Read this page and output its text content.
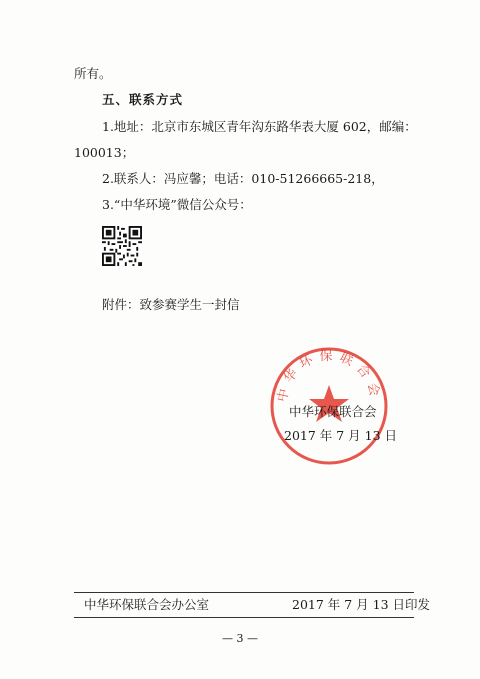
所有。
五、联系方式
1.地址：北京市东城区青年沟东路华表大厦 602，邮编：
100013；
2.联系人：冯应馨；电话：010-51266665-218，
3.“中华环境”微信公众号：
附件：致参赛学生一封信
中华环保联合会
中华环保联合会
2017 年 7 月 13 日
中华环保联合会办公室	2017 年 7 月 13 日印发
— 3 —
